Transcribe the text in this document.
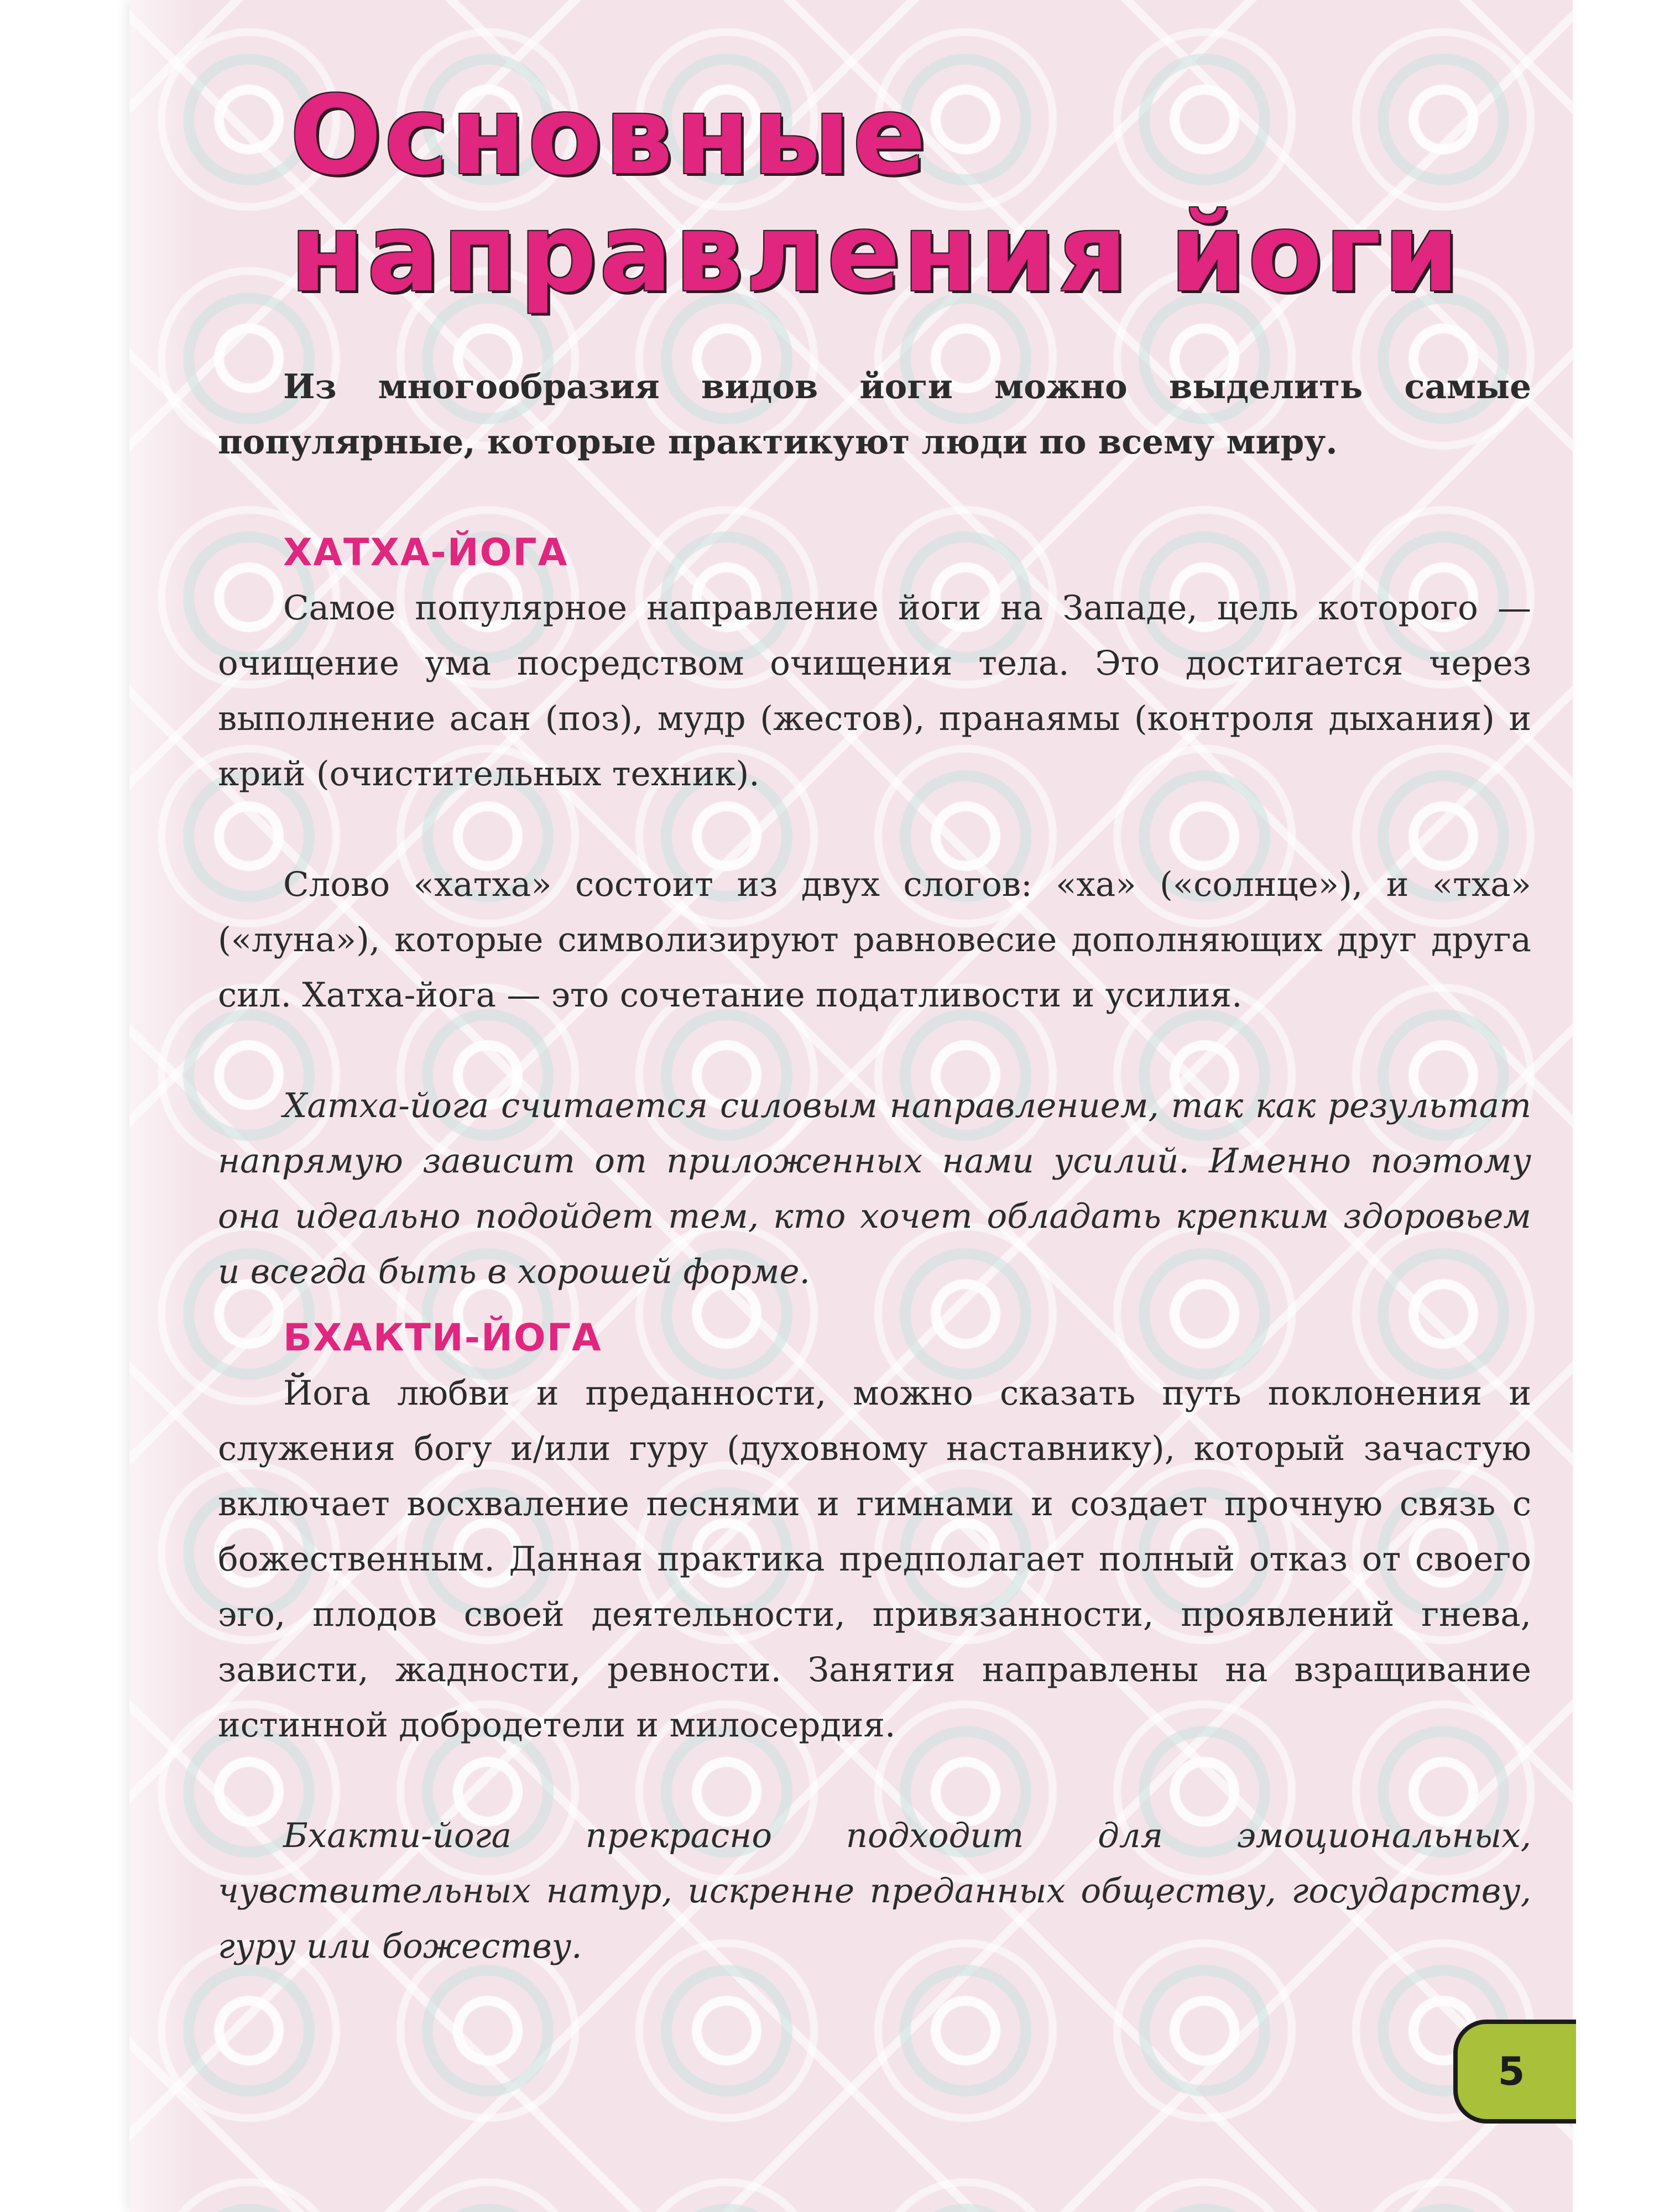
Основные
направления йоги

Из многообразия видов йоги можно выделить самые популярные, которые практикуют люди по всему миру.

ХАТХА-ЙОГА

Самое популярное направление йоги на Западе, цель которого — очищение ума посредством очищения тела. Это достигается через выполнение асан (поз), мудр (жестов), пранаямы (контроля дыхания) и крий (очистительных техник).

Слово «хатха» состоит из двух слогов: «ха» («солнце»), и «тха» («луна»), которые символизируют равновесие дополняющих друг друга сил. Хатха-йога — это сочетание податливости и усилия.

Хатха-йога считается силовым направлением, так как результат напрямую зависит от приложенных нами усилий. Именно поэтому она идеально подойдет тем, кто хочет обладать крепким здоровьем и всегда быть в хорошей форме.

БХАКТИ-ЙОГА

Йога любви и преданности, можно сказать путь поклонения и служения богу и/или гуру (духовному наставнику), который зачастую включает восхваление песнями и гимнами и создает прочную связь с божественным. Данная практика предполагает полный отказ от своего эго, плодов своей деятельности, привязанности, проявлений гнева, зависти, жадности, ревности. Занятия направлены на взращивание истинной добродетели и милосердия.

Бхакти-йога прекрасно подходит для эмоциональных, чувствительных натур, искренне преданных обществу, государству, гуру или божеству.

5
